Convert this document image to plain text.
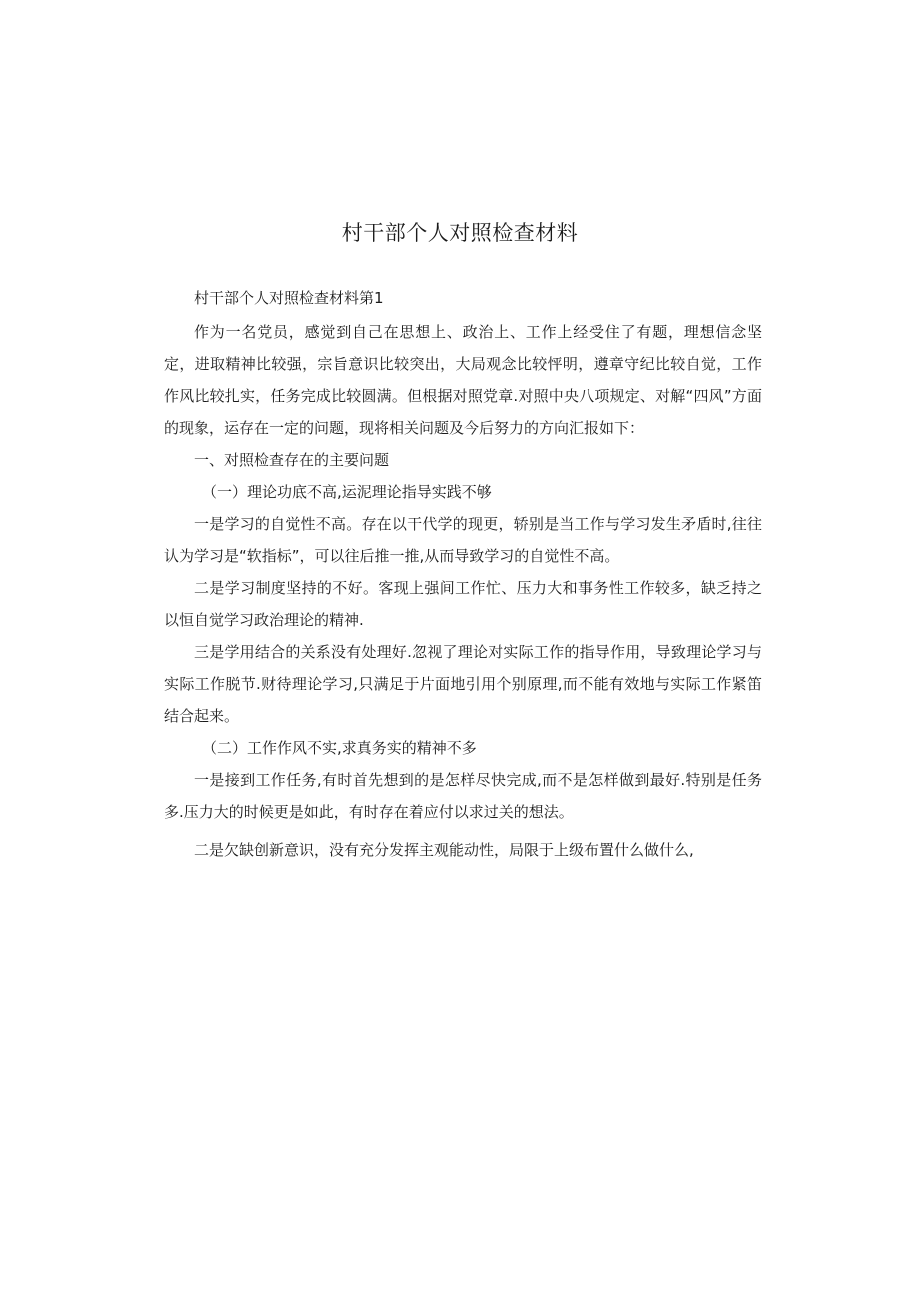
村干部个人对照检查材料

村干部个人对照检查材料第1

作为一名党员，感觉到自己在思想上、政治上、工作上经受住了有题，理想信念坚定，进取精神比较强，宗旨意识比较突出，大局观念比较怦明，遵章守纪比较自觉，工作作风比较扎实，任务完成比较圆满。但根据对照党章.对照中央八项规定、对解“四风”方面的现象，运存在一定的问题，现将相关问题及今后努力的方向汇报如下：

一、对照检查存在的主要问题

（一）理论功底不高,运泥理论指导实践不够

一是学习的自觉性不高。存在以干代学的现更，轿别是当工作与学习发生矛盾时,往往认为学习是“软指标”，可以往后推一推,从而导致学习的自觉性不高。

二是学习制度坚持的不好。客现上强间工作忙、压力大和事务性工作较多，缺乏持之以恒自觉学习政治理论的精神.

三是学用结合的关系没有处理好.忽视了理论对实际工作的指导作用，导致理论学习与实际工作脱节.财待理论学习,只满足于片面地引用个别原理,而不能有效地与实际工作紧笛结合起来。

（二）工作作风不实,求真务实的精神不多

一是接到工作任务,有时首先想到的是怎样尽快完成,而不是怎样做到最好.特别是任务多.压力大的时候更是如此，有时存在着应付以求过关的想法。

二是欠缺创新意识，没有充分发挥主观能动性，局限于上级布置什么做什么,
